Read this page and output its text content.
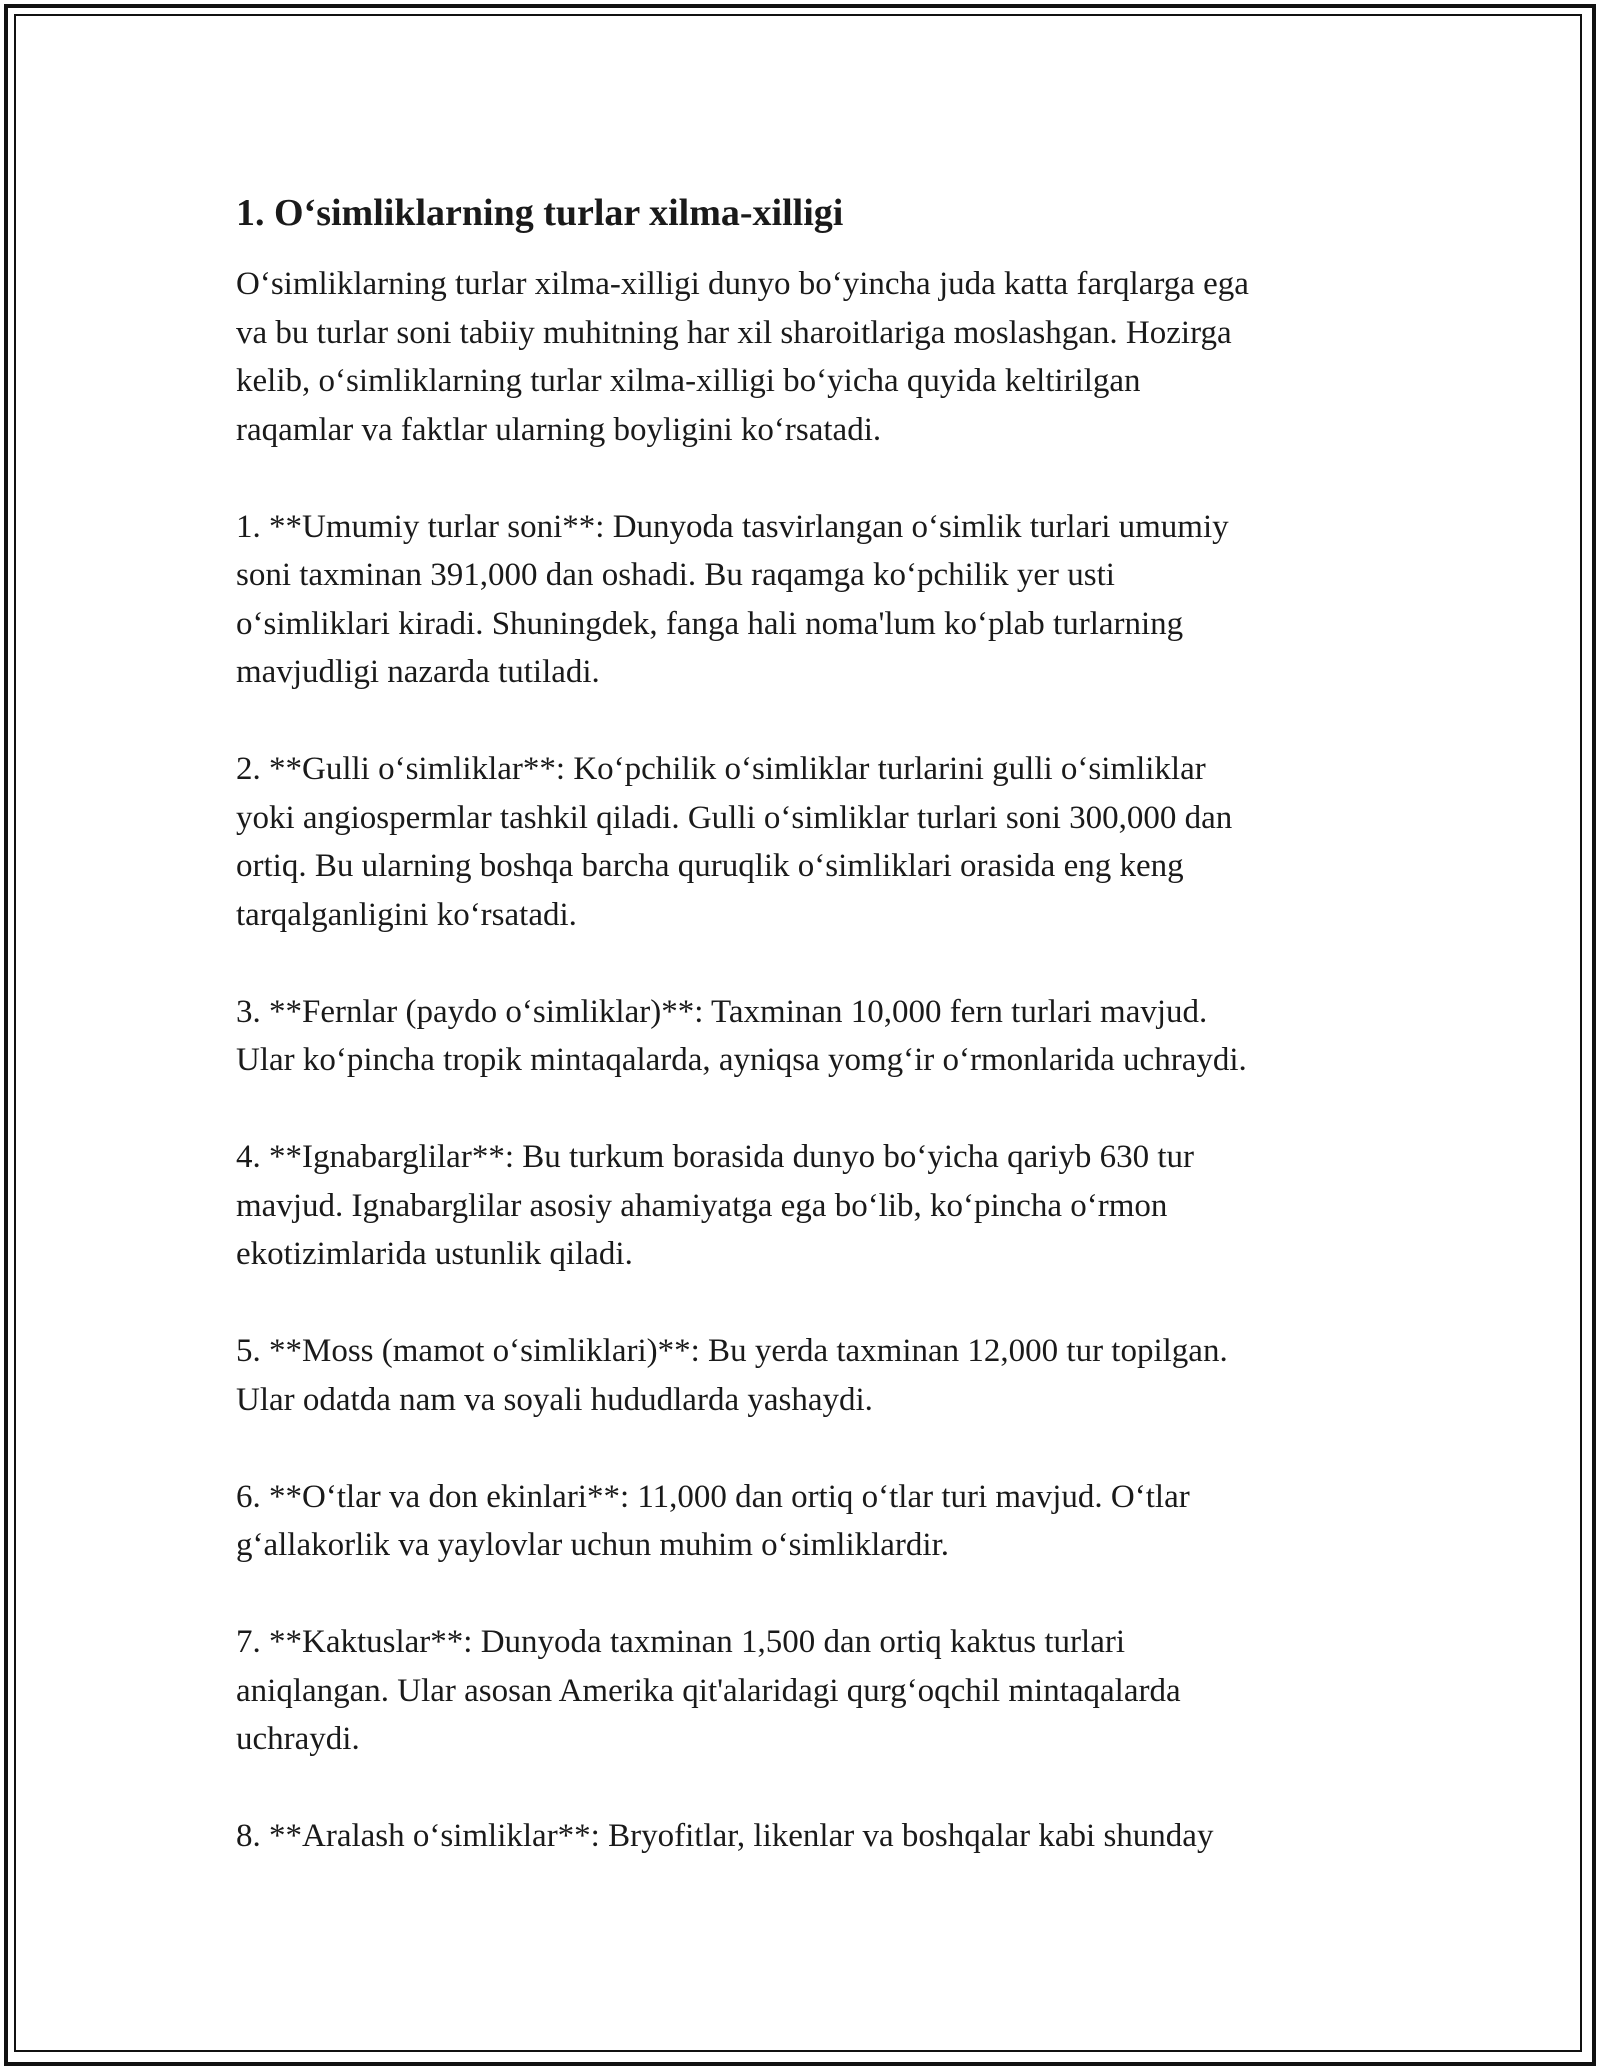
1. O‘simliklarning turlar xilma-xilligi
O‘simliklarning turlar xilma-xilligi dunyo bo‘yincha juda katta farqlarga ega
va bu turlar soni tabiiy muhitning har xil sharoitlariga moslashgan. Hozirga
kelib, o‘simliklarning turlar xilma-xilligi bo‘yicha quyida keltirilgan
raqamlar va faktlar ularning boyligini ko‘rsatadi.
1. **Umumiy turlar soni**: Dunyoda tasvirlangan o‘simlik turlari umumiy
soni taxminan 391,000 dan oshadi. Bu raqamga ko‘pchilik yer usti
o‘simliklari kiradi. Shuningdek, fanga hali noma'lum ko‘plab turlarning
mavjudligi nazarda tutiladi.
2. **Gulli o‘simliklar**: Ko‘pchilik o‘simliklar turlarini gulli o‘simliklar
yoki angiospermlar tashkil qiladi. Gulli o‘simliklar turlari soni 300,000 dan
ortiq. Bu ularning boshqa barcha quruqlik o‘simliklari orasida eng keng
tarqalganligini ko‘rsatadi.
3. **Fernlar (paydo o‘simliklar)**: Taxminan 10,000 fern turlari mavjud.
Ular ko‘pincha tropik mintaqalarda, ayniqsa yomg‘ir o‘rmonlarida uchraydi.
4. **Ignabarglilar**: Bu turkum borasida dunyo bo‘yicha qariyb 630 tur
mavjud. Ignabarglilar asosiy ahamiyatga ega bo‘lib, ko‘pincha o‘rmon
ekotizimlarida ustunlik qiladi.
5. **Moss (mamot o‘simliklari)**: Bu yerda taxminan 12,000 tur topilgan.
Ular odatda nam va soyali hududlarda yashaydi.
6. **O‘tlar va don ekinlari**: 11,000 dan ortiq o‘tlar turi mavjud. O‘tlar
g‘allakorlik va yaylovlar uchun muhim o‘simliklardir.
7. **Kaktuslar**: Dunyoda taxminan 1,500 dan ortiq kaktus turlari
aniqlangan. Ular asosan Amerika qit'alaridagi qurg‘oqchil mintaqalarda
uchraydi.
8. **Aralash o‘simliklar**: Bryofitlar, likenlar va boshqalar kabi shunday
